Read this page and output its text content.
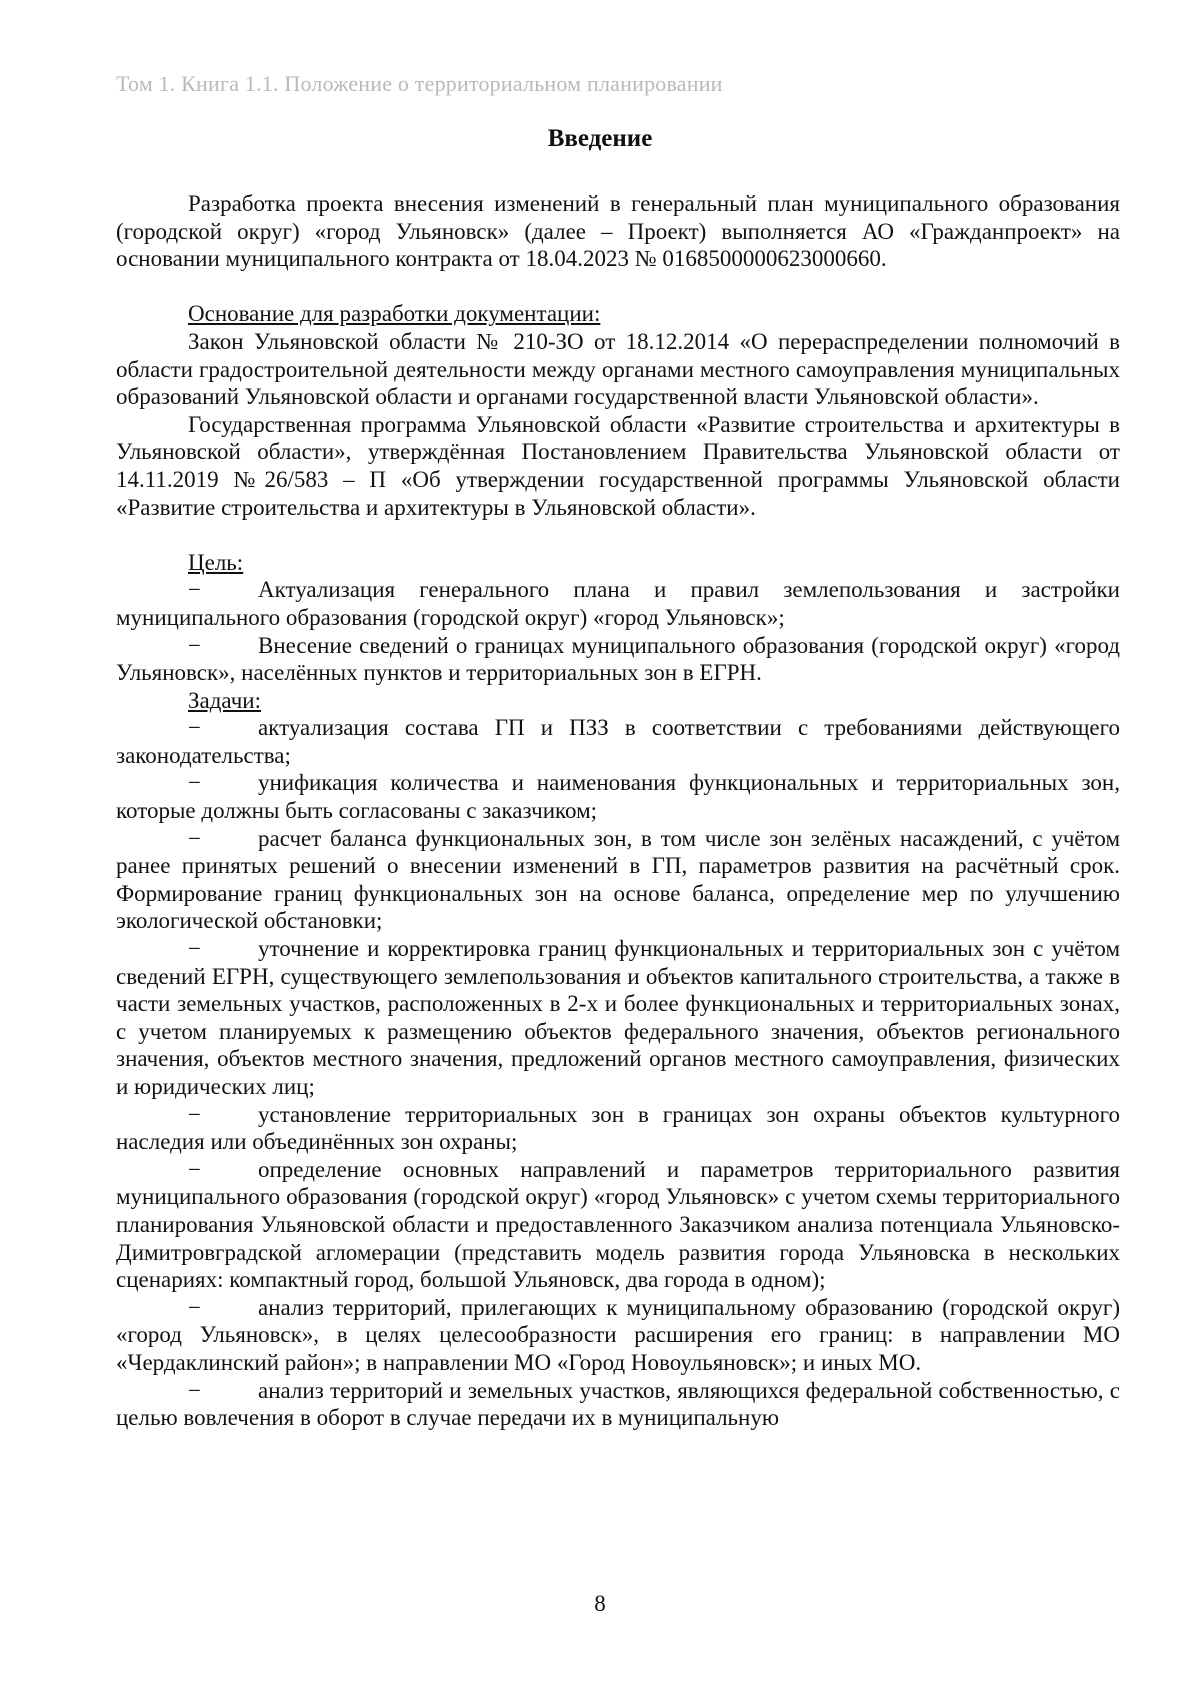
Том 1. Книга 1.1. Положение о территориальном планировании
Введение

Разработка проекта внесения изменений в генеральный план муниципального образования (городской округ) «город Ульяновск» (далее – Проект) выполняется АО «Гражданпроект» на основании муниципального контракта от 18.04.2023 № 0168500000623000660.

Основание для разработки документации:

Закон Ульяновской области № 210-ЗО от 18.12.2014 «О перераспределении полномочий в области градостроительной деятельности между органами местного самоуправления муниципальных образований Ульяновской области и органами государственной власти Ульяновской области».

Государственная программа Ульяновской области «Развитие строительства и архитектуры в Ульяновской области», утверждённая Постановлением Правительства Ульяновской области от 14.11.2019 №26/583 – П «Об утверждении государственной программы Ульяновской области «Развитие строительства и архитектуры в Ульяновской области».

Цель:

− Актуализация генерального плана и правил землепользования и застройки муниципального образования (городской округ) «город Ульяновск»;

− Внесение сведений о границах муниципального образования (городской округ) «город Ульяновск», населённых пунктов и территориальных зон в ЕГРН.

Задачи:

− актуализация состава ГП и ПЗЗ в соответствии с требованиями действующего законодательства;

− унификация количества и наименования функциональных и территориальных зон, которые должны быть согласованы с заказчиком;

− расчет баланса функциональных зон, в том числе зон зелёных насаждений, с учётом ранее принятых решений о внесении изменений в ГП, параметров развития на расчётный срок. Формирование границ функциональных зон на основе баланса, определение мер по улучшению экологической обстановки;

− уточнение и корректировка границ функциональных и территориальных зон с учётом сведений ЕГРН, существующего землепользования и объектов капитального строительства, а также в части земельных участков, расположенных в 2-х и более функциональных и территориальных зонах, с учетом планируемых к размещению объектов федерального значения, объектов регионального значения, объектов местного значения, предложений органов местного самоуправления, физических и юридических лиц;

− установление территориальных зон в границах зон охраны объектов культурного наследия или объединённых зон охраны;

− определение основных направлений и параметров территориального развития муниципального образования (городской округ) «город Ульяновск» с учетом схемы территориального планирования Ульяновской области и предоставленного Заказчиком анализа потенциала Ульяновско-Димитровградской агломерации (представить модель развития города Ульяновска в нескольких сценариях: компактный город, большой Ульяновск, два города в одном);

− анализ территорий, прилегающих к муниципальному образованию (городской округ) «город Ульяновск», в целях целесообразности расширения его границ: в направлении МО «Чердаклинский район»; в направлении МО «Город Новоульяновск»; и иных МО.

− анализ территорий и земельных участков, являющихся федеральной собственностью, с целью вовлечения в оборот в случае передачи их в муниципальную

8
